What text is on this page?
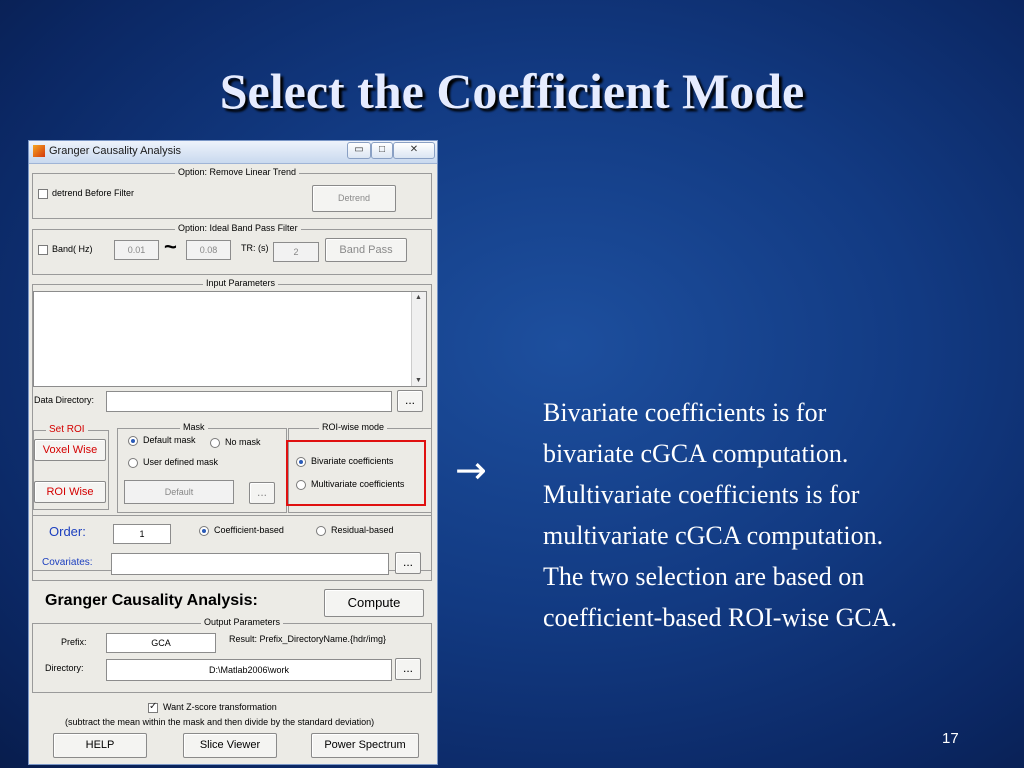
Select the Coefficient Mode
Granger Causality Analysis	▭	□	✕
Option: Remove Linear Trend
detrend Before Filter	Detrend
Option: Ideal Band Pass Filter
Band( Hz)	0.01 ~	0.08	TR: (s)	2	Band Pass
Input Parameters
▲
▼
Data Directory:	...
Set ROI
Voxel Wise
ROI Wise
Mask
Default mask	No mask
User defined mask
Default	...
ROI-wise mode
Bivariate coefficients
Multivariate coefficients
Order:	1	Coefficient-based	Residual-based
Covariates:	...
Granger Causality Analysis:	Compute
Output Parameters
Prefix:	GCA	Result: Prefix_DirectoryName.{hdr/img}
Directory:	D:\Matlab2006\work	...
✓
Want Z-score transformation
(subtract the mean within the mask and then divide by the standard deviation)
HELP	Slice Viewer	Power Spectrum
→
Bivariate coefficients is for
bivariate cGCA computation.
Multivariate coefficients is for
multivariate cGCA computation.
The two selection are based on
coefficient-based ROI-wise GCA.
17
